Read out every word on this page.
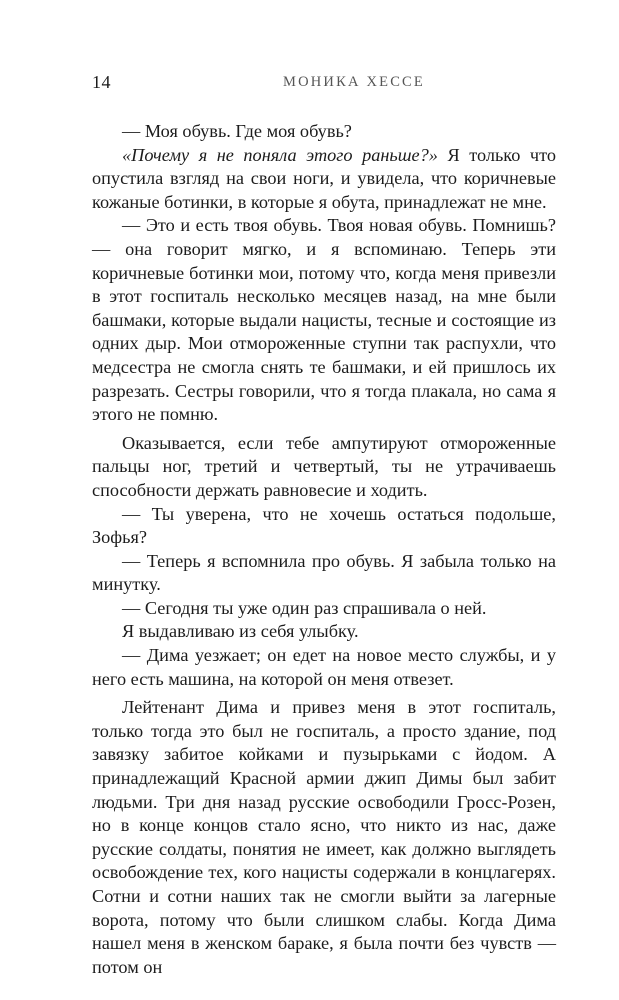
14	МОНИКА ХЕССЕ

— Моя обувь. Где моя обувь?

«Почему я не поняла этого раньше?» Я только что опустила взгляд на свои ноги, и увидела, что коричневые кожаные ботинки, в которые я обута, принадлежат не мне.

— Это и есть твоя обувь. Твоя новая обувь. Помнишь? — она говорит мягко, и я вспоминаю. Теперь эти коричневые ботинки мои, потому что, когда меня привезли в этот госпиталь несколько месяцев назад, на мне были башмаки, которые выдали нацисты, тесные и состоящие из одних дыр. Мои отмороженные ступни так распухли, что медсестра не смогла снять те башмаки, и ей пришлось их разрезать. Сестры говорили, что я тогда плакала, но сама я этого не помню.

Оказывается, если тебе ампутируют отмороженные пальцы ног, третий и четвертый, ты не утрачиваешь способности держать равновесие и ходить.

— Ты уверена, что не хочешь остаться подольше, Зофья?

— Теперь я вспомнила про обувь. Я забыла только на минутку.

— Сегодня ты уже один раз спрашивала о ней.

Я выдавливаю из себя улыбку.

— Дима уезжает; он едет на новое место службы, и у него есть машина, на которой он меня отвезет.

Лейтенант Дима и привез меня в этот госпиталь, только тогда это был не госпиталь, а просто здание, под завязку забитое койками и пузырьками с йодом. А принадлежащий Красной армии джип Димы был забит людьми. Три дня назад русские освободили Гросс-Розен, но в конце концов стало ясно, что никто из нас, даже русские солдаты, понятия не имеет, как должно выглядеть освобождение тех, кого нацисты содержали в концлагерях. Сотни и сотни наших так не смогли выйти за лагерные ворота, потому что были слишком слабы. Когда Дима нашел меня в женском бараке, я была почти без чувств — потом он
